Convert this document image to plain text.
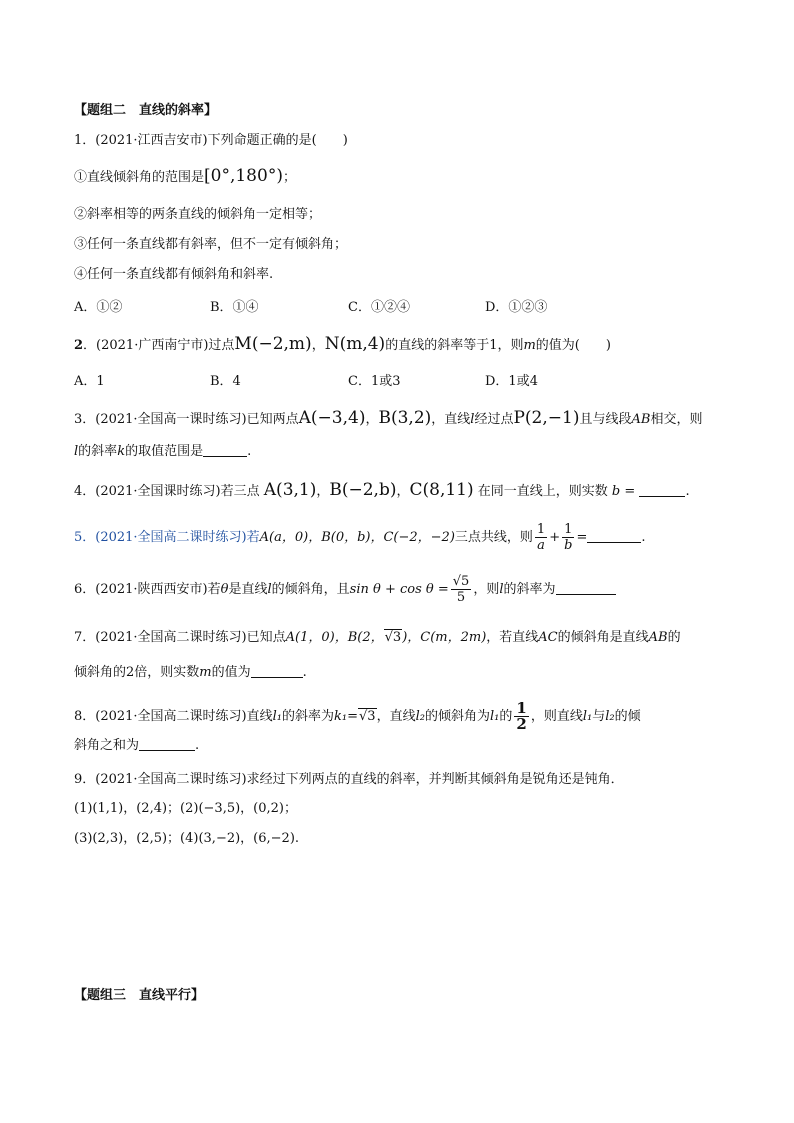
【题组二　直线的斜率】
1．(2021·江西吉安市)下列命题正确的是(　　)
①直线倾斜角的范围是[0°,180°)；
②斜率相等的两条直线的倾斜角一定相等；
③任何一条直线都有斜率，但不一定有倾斜角；
④任何一条直线都有倾斜角和斜率.
A．①②	B．①④	C．①②④	D．①②③
2．(2021·广西南宁市)过点M(−2,m)，N(m,4)的直线的斜率等于1，则m的值为(　　)
A．1	B．4	C．1或3	D．1或4
3．(2021·全国高一课时练习)已知两点A(−3,4)，B(3,2)，直线l经过点P(2,−1)且与线段AB相交，则
l的斜率k的取值范围是	.
4．(2021·全国课时练习)若三点 A(3,1)，B(−2,b)，C(8,11) 在同一直线上，则实数 b =	.
5．(2021·全国高二课时练习)若A(a，0)，B(0，b)，C(−2，−2)三点共线，则 $\frac{1}{a} + \frac{1}{b}$ =	.
6．(2021·陕西西安市)若θ是直线l的倾斜角，且$\sin \theta + \cos \theta = \frac{√5}{5}$ ，则l的斜率为
7．(2021·全国高二课时练习)已知点A(1，0)，B(2，√3)，C(m，2m)，若直线AC的倾斜角是直线AB的
倾斜角的2倍，则实数m的值为	.
8．(2021·全国高二课时练习)直线l₁的斜率为k₁=√3，直线l₂的倾斜角为l₁的 $\frac{1}{2}$ ，则直线l₁与l₂的倾
斜角之和为	.
9．(2021·全国高二课时练习)求经过下列两点的直线的斜率，并判断其倾斜角是锐角还是钝角．
(1)(1,1)，(2,4)；(2)(−3,5)，(0,2)；
(3)(2,3)，(2,5)；(4)(3,−2)，(6,−2).
【题组三　直线平行】
